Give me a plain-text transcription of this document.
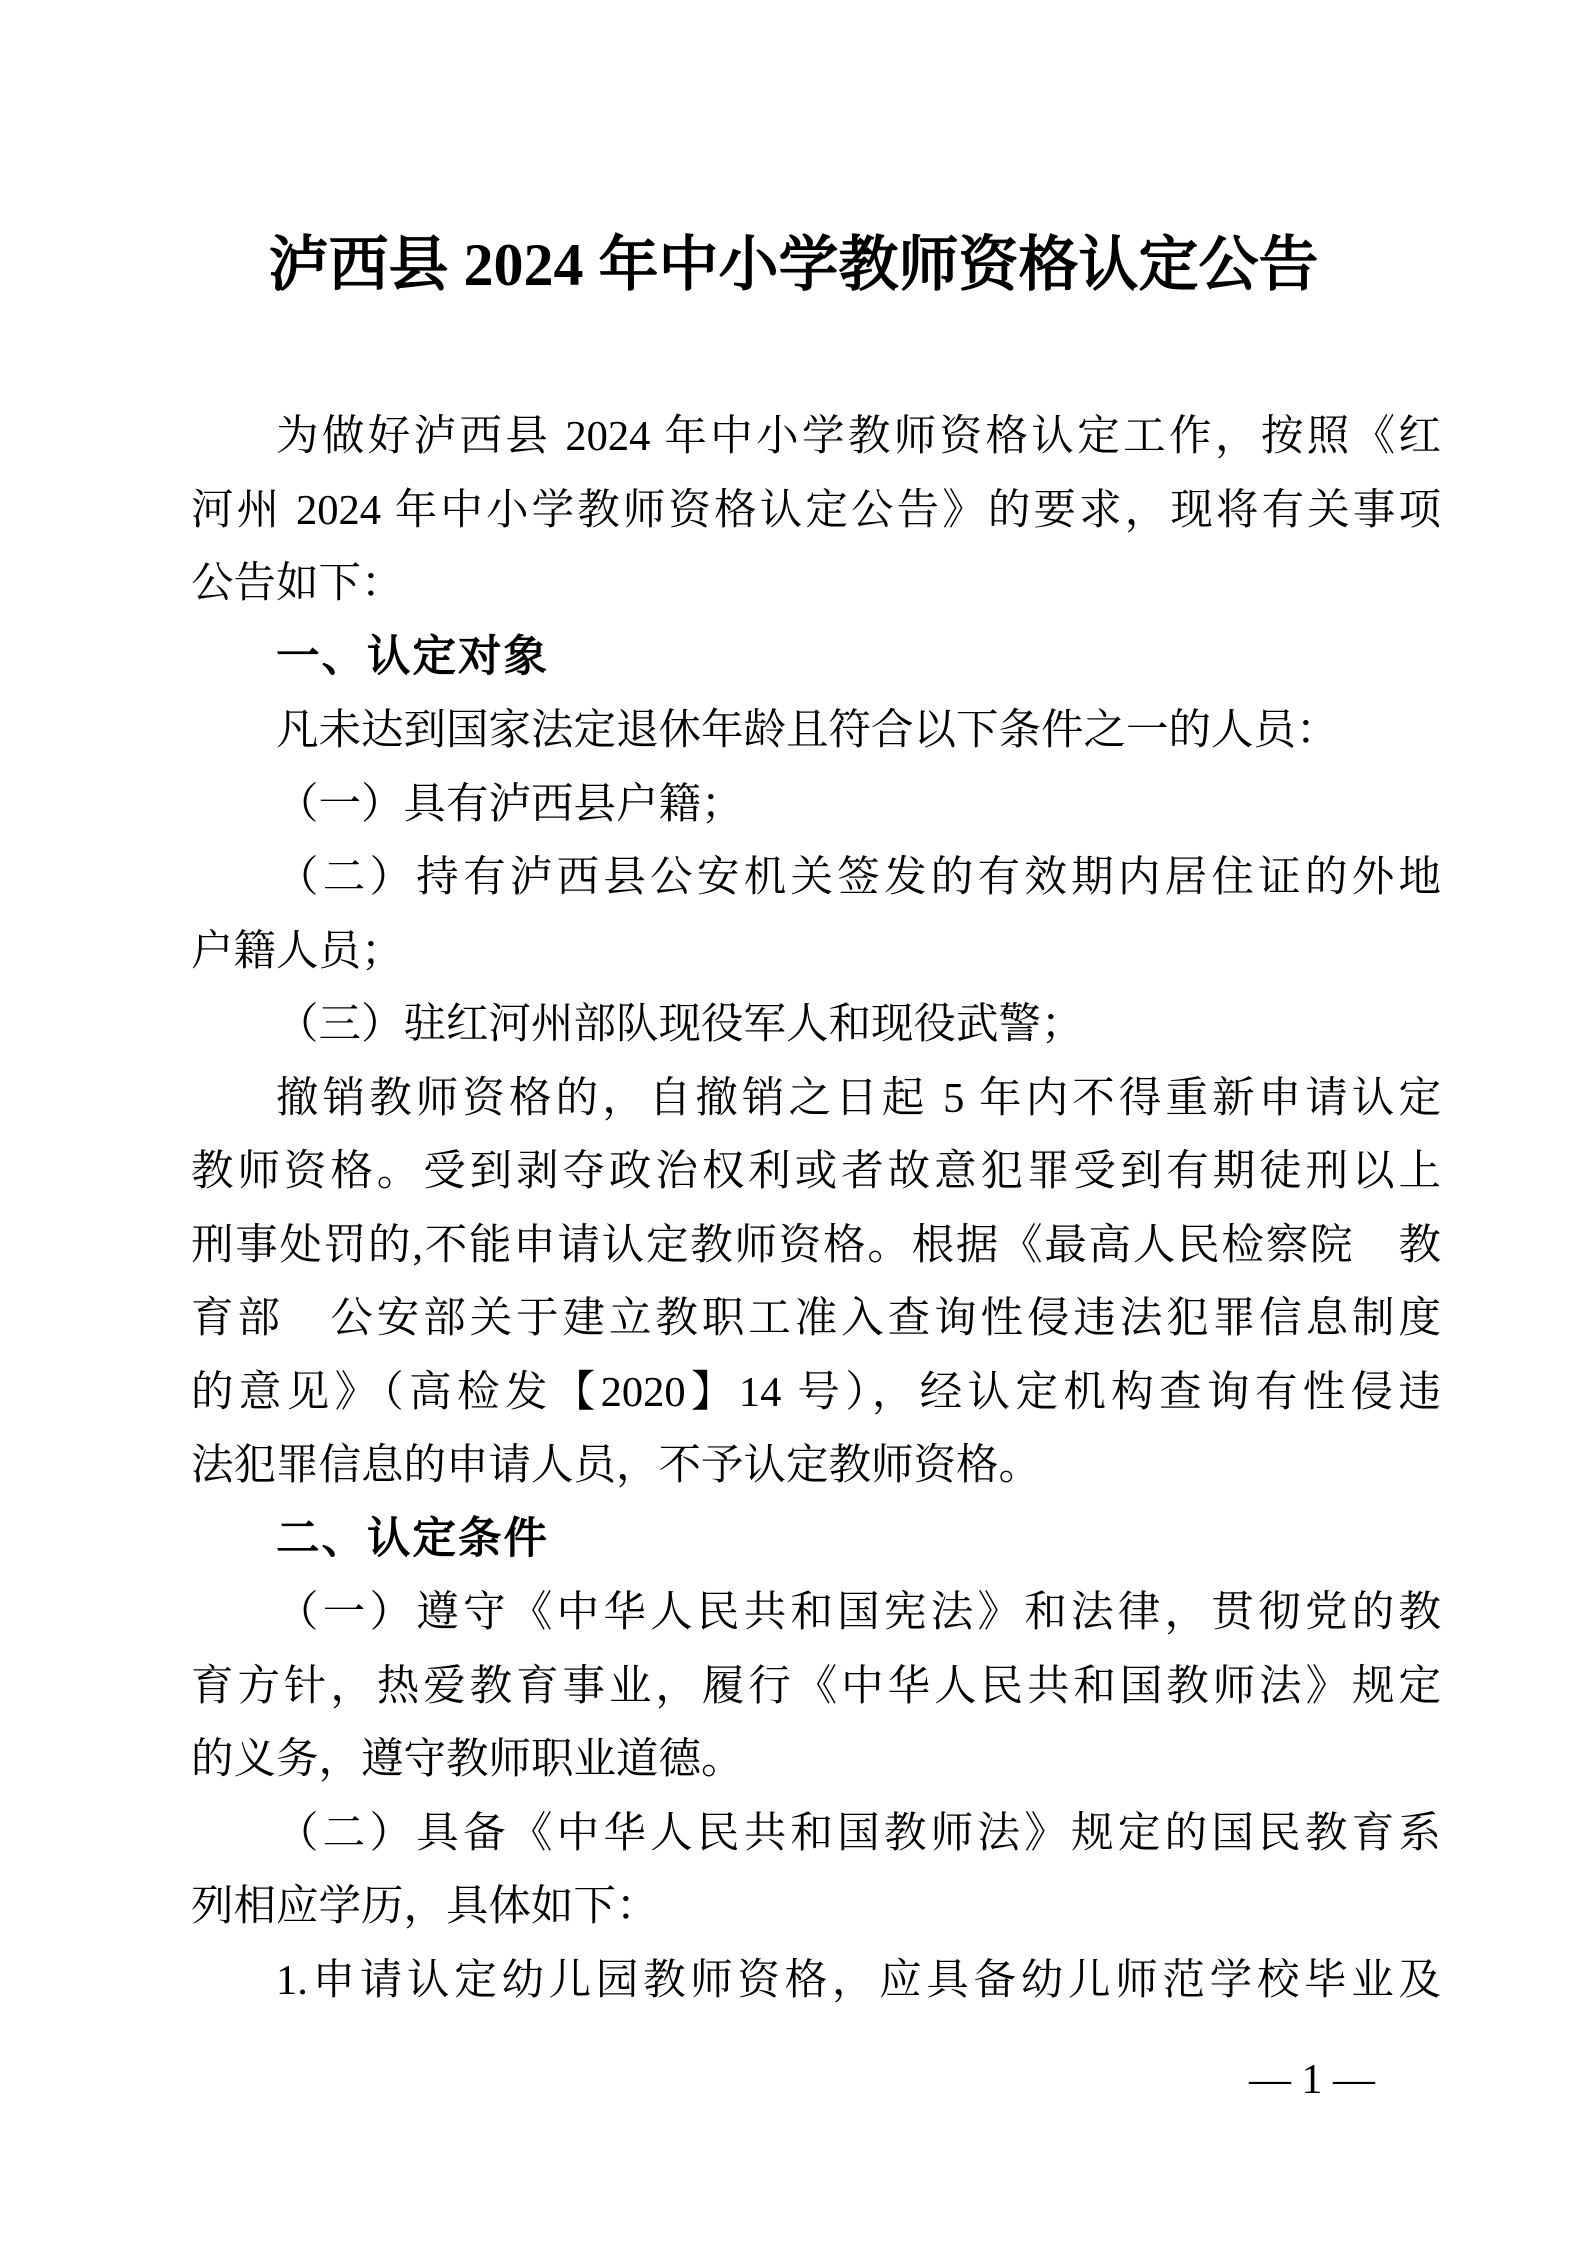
泸西县 2024 年中小学教师资格认定公告
为做好泸西县 2024 年中小学教师资格认定工作，按照《红
河州 2024 年中小学教师资格认定公告》的要求，现将有关事项
公告如下：
一、认定对象
凡未达到国家法定退休年龄且符合以下条件之一的人员：
（一）具有泸西县户籍；
（二）持有泸西县公安机关签发的有效期内居住证的外地
户籍人员；
（三）驻红河州部队现役军人和现役武警；
撤销教师资格的，自撤销之日起 5 年内不得重新申请认定
教师资格。受到剥夺政治权利或者故意犯罪受到有期徒刑以上
刑事处罚的,不能申请认定教师资格。根据《最高人民检察院　教
育部　公安部关于建立教职工准入查询性侵违法犯罪信息制度
的意见》（高检发【2020】14 号），经认定机构查询有性侵违
法犯罪信息的申请人员，不予认定教师资格。
二、认定条件
（一）遵守《中华人民共和国宪法》和法律，贯彻党的教
育方针，热爱教育事业，履行《中华人民共和国教师法》规定
的义务，遵守教师职业道德。
（二）具备《中华人民共和国教师法》规定的国民教育系
列相应学历，具体如下：
1.申请认定幼儿园教师资格，应具备幼儿师范学校毕业及
— 1 —
